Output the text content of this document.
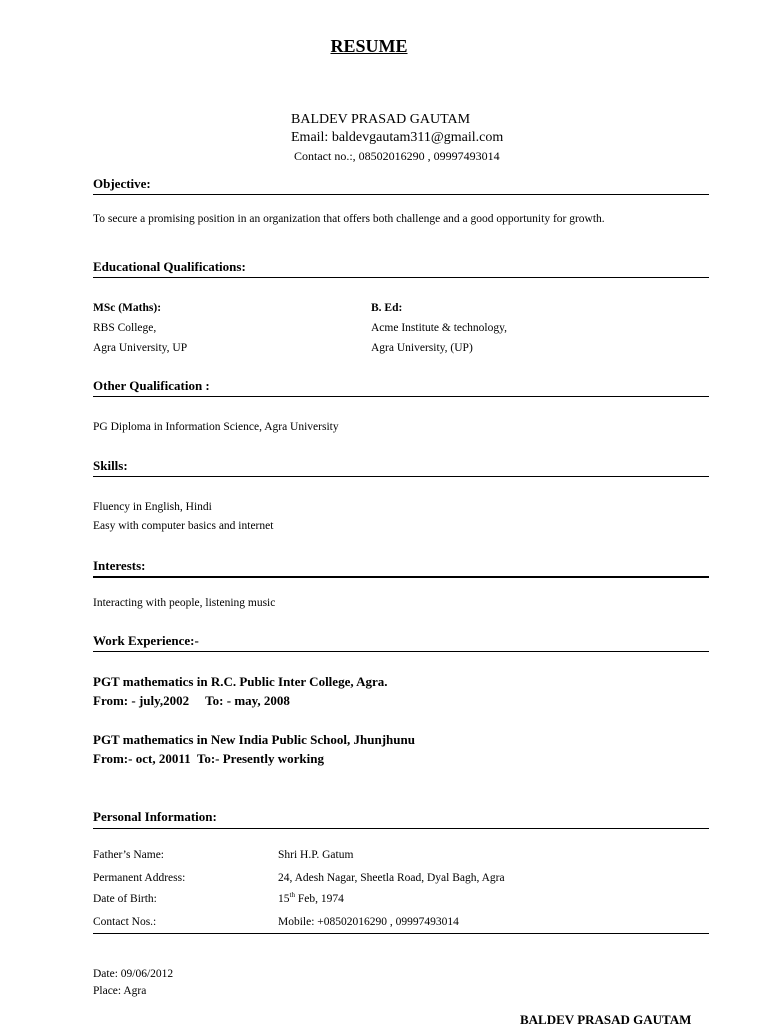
RESUME
BALDEV PRASAD GAUTAM
Email: baldevgautam311@gmail.com
Contact no.:, 08502016290 , 09997493014
Objective:
To secure a promising position in an organization that offers both challenge and a good opportunity for growth.
Educational Qualifications:
MSc (Maths):
RBS College,
Agra University, UP
B. Ed:
Acme Institute & technology,
Agra University, (UP)
Other Qualification :
PG Diploma in Information Science, Agra University
Skills:
Fluency in English, Hindi
Easy with computer basics and internet
Interests:
Interacting with people, listening music
Work Experience:-
PGT mathematics in R.C. Public Inter College, Agra.
From: - july,2002     To: - may, 2008
PGT mathematics in New India Public School, Jhunjhunu
From:- oct, 20011  To:- Presently working
Personal Information:
Father’s Name:	Shri H.P. Gatum
Permanent Address:	24, Adesh Nagar, Sheetla Road, Dyal Bagh, Agra
Date of Birth:	15th Feb, 1974
Contact Nos.:	Mobile: +08502016290 , 09997493014
Date: 09/06/2012
Place: Agra
BALDEV PRASAD GAUTAM
